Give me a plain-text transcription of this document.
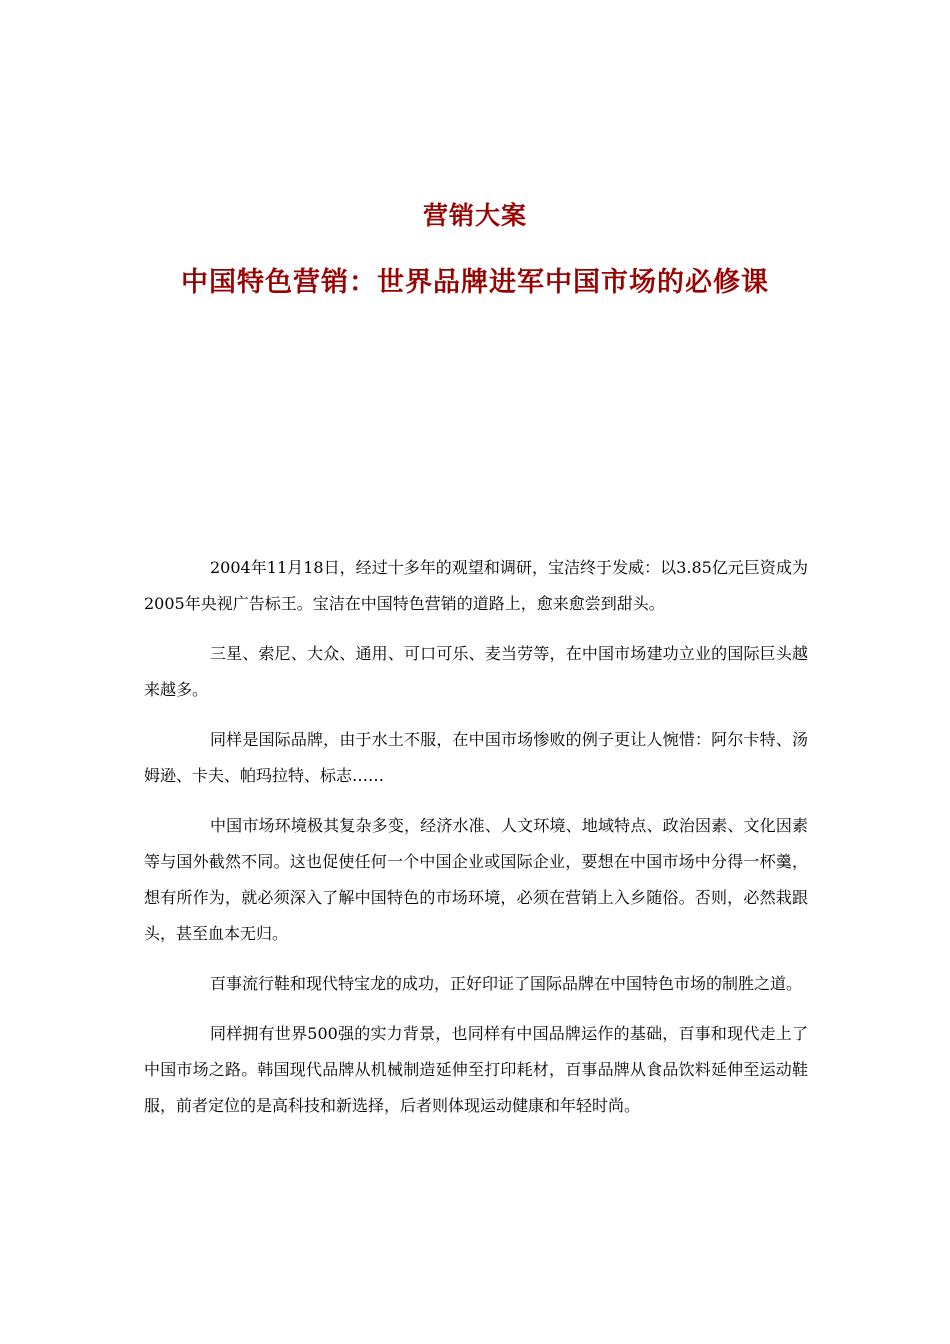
营销大案
中国特色营销：世界品牌进军中国市场的必修课

2004年11月18日，经过十多年的观望和调研，宝洁终于发威：以3.85亿元巨资成为2005年央视广告标王。宝洁在中国特色营销的道路上，愈来愈尝到甜头。

三星、索尼、大众、通用、可口可乐、麦当劳等，在中国市场建功立业的国际巨头越来越多。

同样是国际品牌，由于水土不服，在中国市场惨败的例子更让人惋惜：阿尔卡特、汤姆逊、卡夫、帕玛拉特、标志……

中国市场环境极其复杂多变，经济水准、人文环境、地域特点、政治因素、文化因素等与国外截然不同。这也促使任何一个中国企业或国际企业，要想在中国市场中分得一杯羹，想有所作为，就必须深入了解中国特色的市场环境，必须在营销上入乡随俗。否则，必然栽跟头，甚至血本无归。

百事流行鞋和现代特宝龙的成功，正好印证了国际品牌在中国特色市场的制胜之道。

同样拥有世界500强的实力背景，也同样有中国品牌运作的基础，百事和现代走上了中国市场之路。韩国现代品牌从机械制造延伸至打印耗材，百事品牌从食品饮料延伸至运动鞋服，前者定位的是高科技和新选择，后者则体现运动健康和年轻时尚。
